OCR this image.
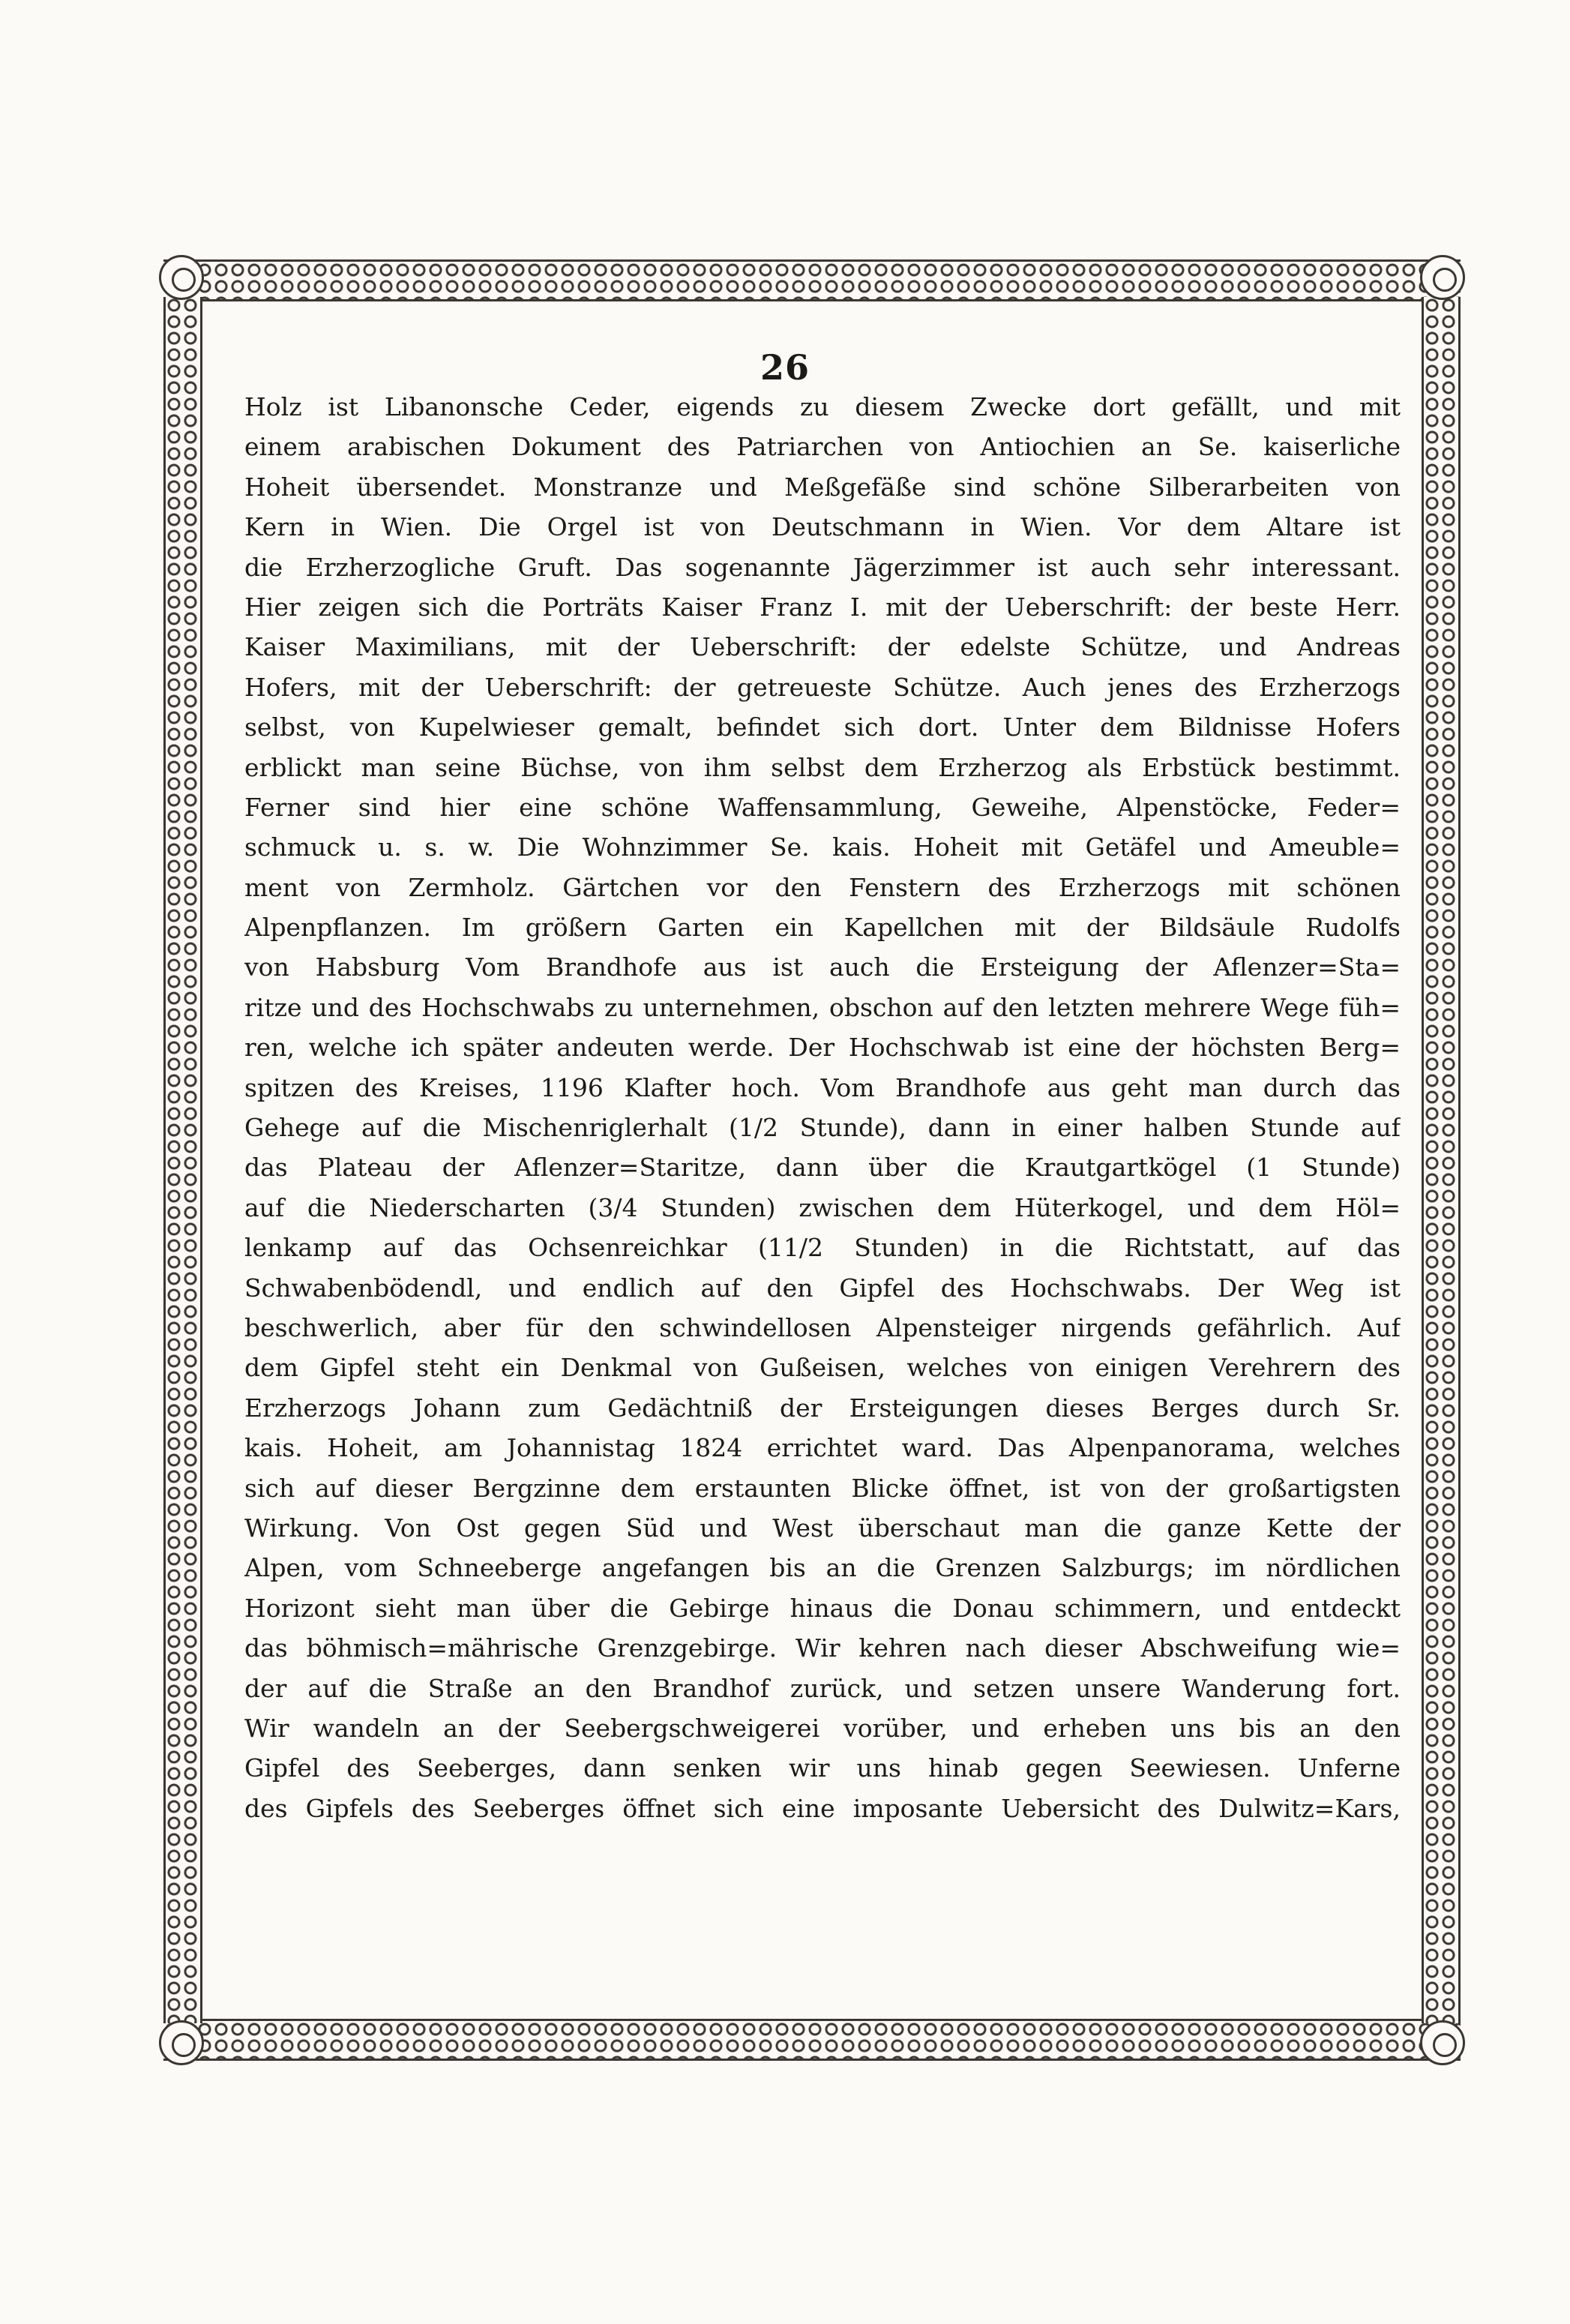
26
Holz ist Libanonsche Ceder, eigends zu diesem Zwecke dort gefällt, und mit
einem arabischen Dokument des Patriarchen von Antiochien an Se. kaiserliche
Hoheit übersendet. Monstranze und Meßgefäße sind schöne Silberarbeiten von
Kern in Wien. Die Orgel ist von Deutschmann in Wien. Vor dem Altare ist
die Erzherzogliche Gruft. Das sogenannte Jägerzimmer ist auch sehr interessant.
Hier zeigen sich die Porträts Kaiser Franz I. mit der Ueberschrift: der beste Herr.
Kaiser Maximilians, mit der Ueberschrift: der edelste Schütze, und Andreas
Hofers, mit der Ueberschrift: der getreueste Schütze. Auch jenes des Erzherzogs
selbst, von Kupelwieser gemalt, befindet sich dort. Unter dem Bildnisse Hofers
erblickt man seine Büchse, von ihm selbst dem Erzherzog als Erbstück bestimmt.
Ferner sind hier eine schöne Waffensammlung, Geweihe, Alpenstöcke, Feder=
schmuck u. s. w. Die Wohnzimmer Se. kais. Hoheit mit Getäfel und Ameuble=
ment von Zermholz. Gärtchen vor den Fenstern des Erzherzogs mit schönen
Alpenpflanzen. Im größern Garten ein Kapellchen mit der Bildsäule Rudolfs
von Habsburg Vom Brandhofe aus ist auch die Ersteigung der Aflenzer=Sta=
ritze und des Hochschwabs zu unternehmen, obschon auf den letzten mehrere Wege füh=
ren, welche ich später andeuten werde. Der Hochschwab ist eine der höchsten Berg=
spitzen des Kreises, 1196 Klafter hoch. Vom Brandhofe aus geht man durch das
Gehege auf die Mischenriglerhalt (1/2 Stunde), dann in einer halben Stunde auf
das Plateau der Aflenzer=Staritze, dann über die Krautgartkögel (1 Stunde)
auf die Niederscharten (3/4 Stunden) zwischen dem Hüterkogel, und dem Höl=
lenkamp auf das Ochsenreichkar (11/2 Stunden) in die Richtstatt, auf das
Schwabenbödendl, und endlich auf den Gipfel des Hochschwabs. Der Weg ist
beschwerlich, aber für den schwindellosen Alpensteiger nirgends gefährlich. Auf
dem Gipfel steht ein Denkmal von Gußeisen, welches von einigen Verehrern des
Erzherzogs Johann zum Gedächtniß der Ersteigungen dieses Berges durch Sr.
kais. Hoheit, am Johannistag 1824 errichtet ward. Das Alpenpanorama, welches
sich auf dieser Bergzinne dem erstaunten Blicke öffnet, ist von der großartigsten
Wirkung. Von Ost gegen Süd und West überschaut man die ganze Kette der
Alpen, vom Schneeberge angefangen bis an die Grenzen Salzburgs; im nördlichen
Horizont sieht man über die Gebirge hinaus die Donau schimmern, und entdeckt
das böhmisch=mährische Grenzgebirge. Wir kehren nach dieser Abschweifung wie=
der auf die Straße an den Brandhof zurück, und setzen unsere Wanderung fort.
Wir wandeln an der Seebergschweigerei vorüber, und erheben uns bis an den
Gipfel des Seeberges, dann senken wir uns hinab gegen Seewiesen. Unferne
des Gipfels des Seeberges öffnet sich eine imposante Uebersicht des Dulwitz=Kars,
